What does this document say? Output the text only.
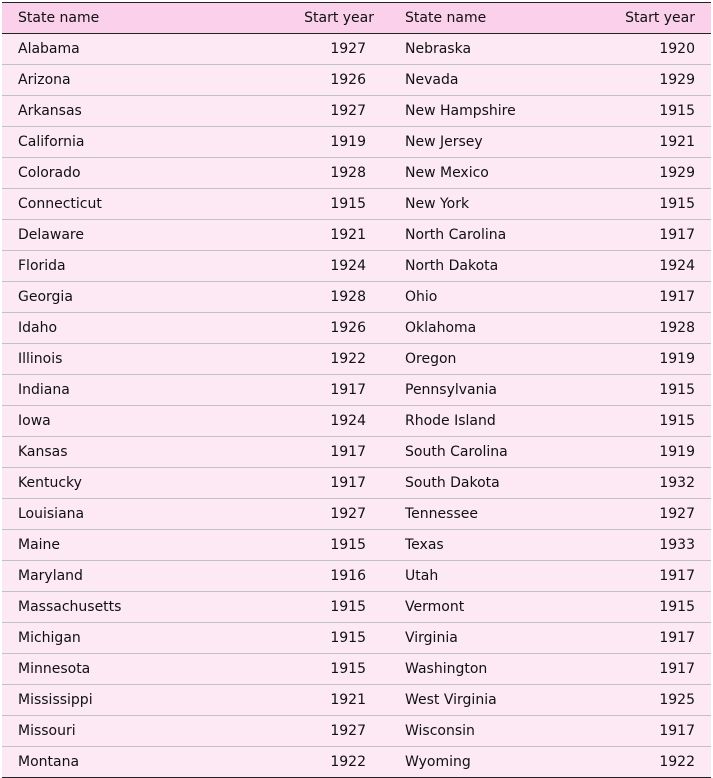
State name	Start year	State name	Start year
Alabama	1927	Nebraska	1920
Arizona	1926	Nevada	1929
Arkansas	1927	New Hampshire	1915
California	1919	New Jersey	1921
Colorado	1928	New Mexico	1929
Connecticut	1915	New York	1915
Delaware	1921	North Carolina	1917
Florida	1924	North Dakota	1924
Georgia	1928	Ohio	1917
Idaho	1926	Oklahoma	1928
Illinois	1922	Oregon	1919
Indiana	1917	Pennsylvania	1915
Iowa	1924	Rhode Island	1915
Kansas	1917	South Carolina	1919
Kentucky	1917	South Dakota	1932
Louisiana	1927	Tennessee	1927
Maine	1915	Texas	1933
Maryland	1916	Utah	1917
Massachusetts	1915	Vermont	1915
Michigan	1915	Virginia	1917
Minnesota	1915	Washington	1917
Mississippi	1921	West Virginia	1925
Missouri	1927	Wisconsin	1917
Montana	1922	Wyoming	1922
